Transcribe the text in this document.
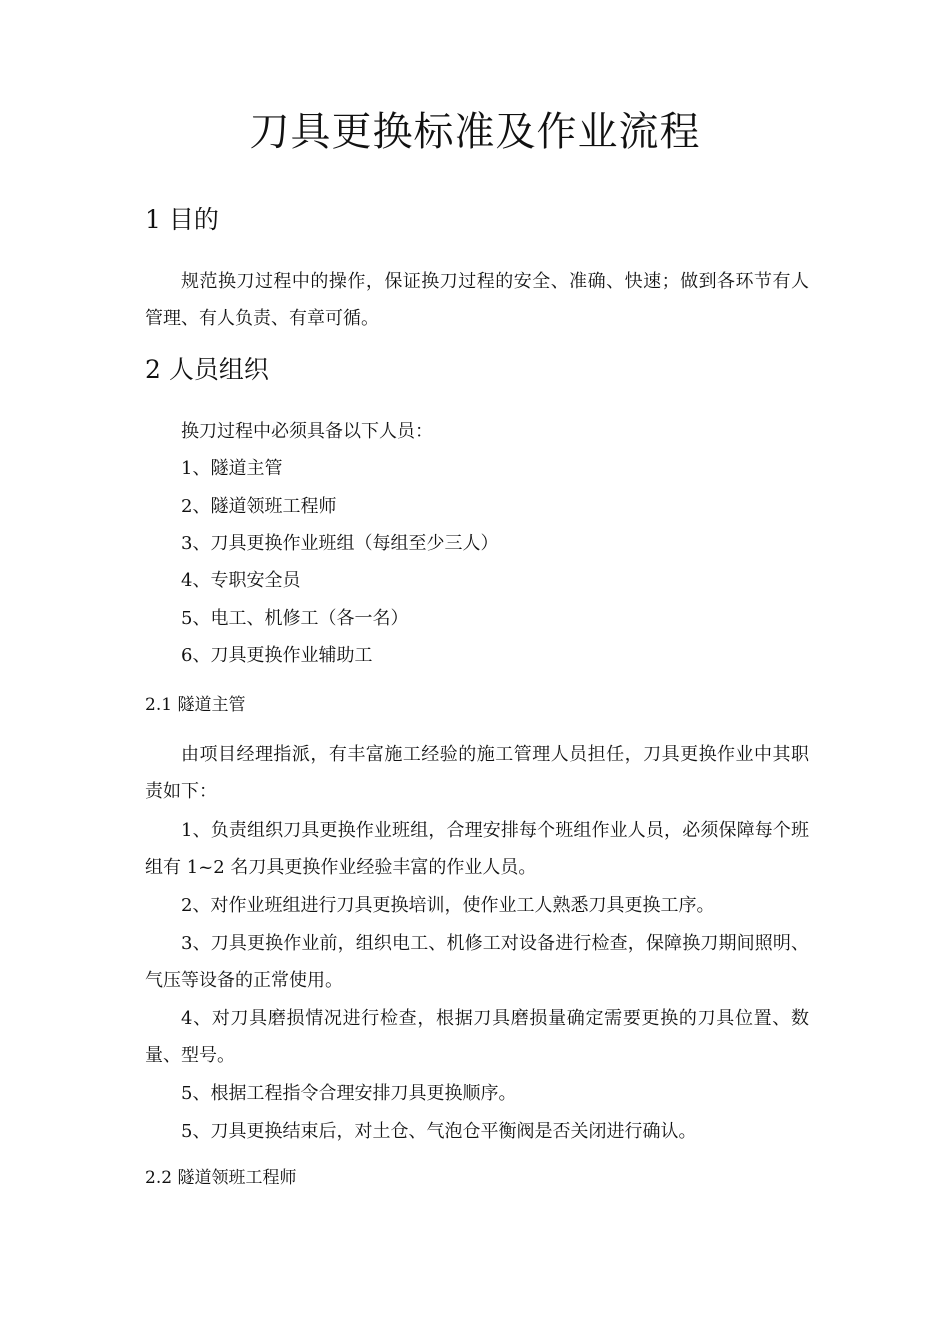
刀具更换标准及作业流程
1 目的

规范换刀过程中的操作，保证换刀过程的安全、准确、快速；做到各环节有人管理、有人负责、有章可循。

2 人员组织

换刀过程中必须具备以下人员：

1、隧道主管

2、隧道领班工程师

3、刀具更换作业班组（每组至少三人）

4、专职安全员

5、电工、机修工（各一名）

6、刀具更换作业辅助工

2.1 隧道主管

由项目经理指派，有丰富施工经验的施工管理人员担任，刀具更换作业中其职责如下：

1、负责组织刀具更换作业班组，合理安排每个班组作业人员，必须保障每个班组有 1~2 名刀具更换作业经验丰富的作业人员。

2、对作业班组进行刀具更换培训，使作业工人熟悉刀具更换工序。

3、刀具更换作业前，组织电工、机修工对设备进行检查，保障换刀期间照明、气压等设备的正常使用。

4、对刀具磨损情况进行检查，根据刀具磨损量确定需要更换的刀具位置、数量、型号。

5、根据工程指令合理安排刀具更换顺序。

5、刀具更换结束后，对土仓、气泡仓平衡阀是否关闭进行确认。

2.2 隧道领班工程师
